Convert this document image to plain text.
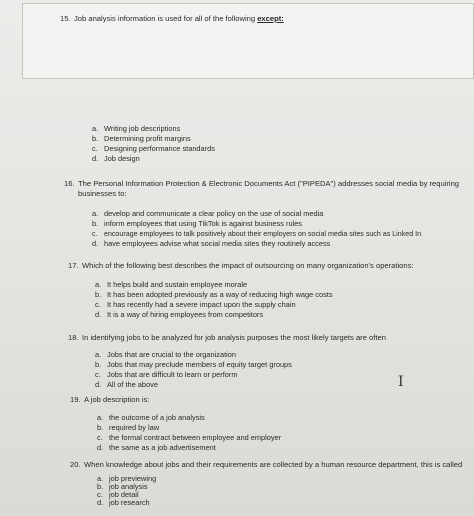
15. Job analysis information is used for all of the following except:
a. Writing job descriptions
b. Determining profit margins
c. Designing performance standards
d. Job design
16. The Personal Information Protection & Electronic Documents Act ("PIPEDA") addresses social media by requiring
businesses to:
a. develop and communicate a clear policy on the use of social media
b. inform employees that using TikTok is against business rules
c. encourage employees to talk positively about their employers on social media sites such as Linked In
d. have employees advise what social media sites they routinely access
17. Which of the following best describes the impact of outsourcing on many organization's operations:
a. It helps build and sustain employee morale
b. It has been adopted previously as a way of reducing high wage costs
c. It has recently had a severe impact upon the supply chain
d. It is a way of hiring employees from competitors
18. In identifying jobs to be analyzed for job analysis purposes the most likely targets are often
a. Jobs that are crucial to the organization
b. Jobs that may preclude members of equity target groups
c. Jobs that are difficult to learn or perform
d. All of the above	I
19. A job description is:
a. the outcome of a job analysis
b. required by law
c. the formal contract between employee and employer
d. the same as a job advertisement
20. When knowledge about jobs and their requirements are collected by a human resource department, this is called
a. job previewing
b. job analysis
c. job detail
d. job research
